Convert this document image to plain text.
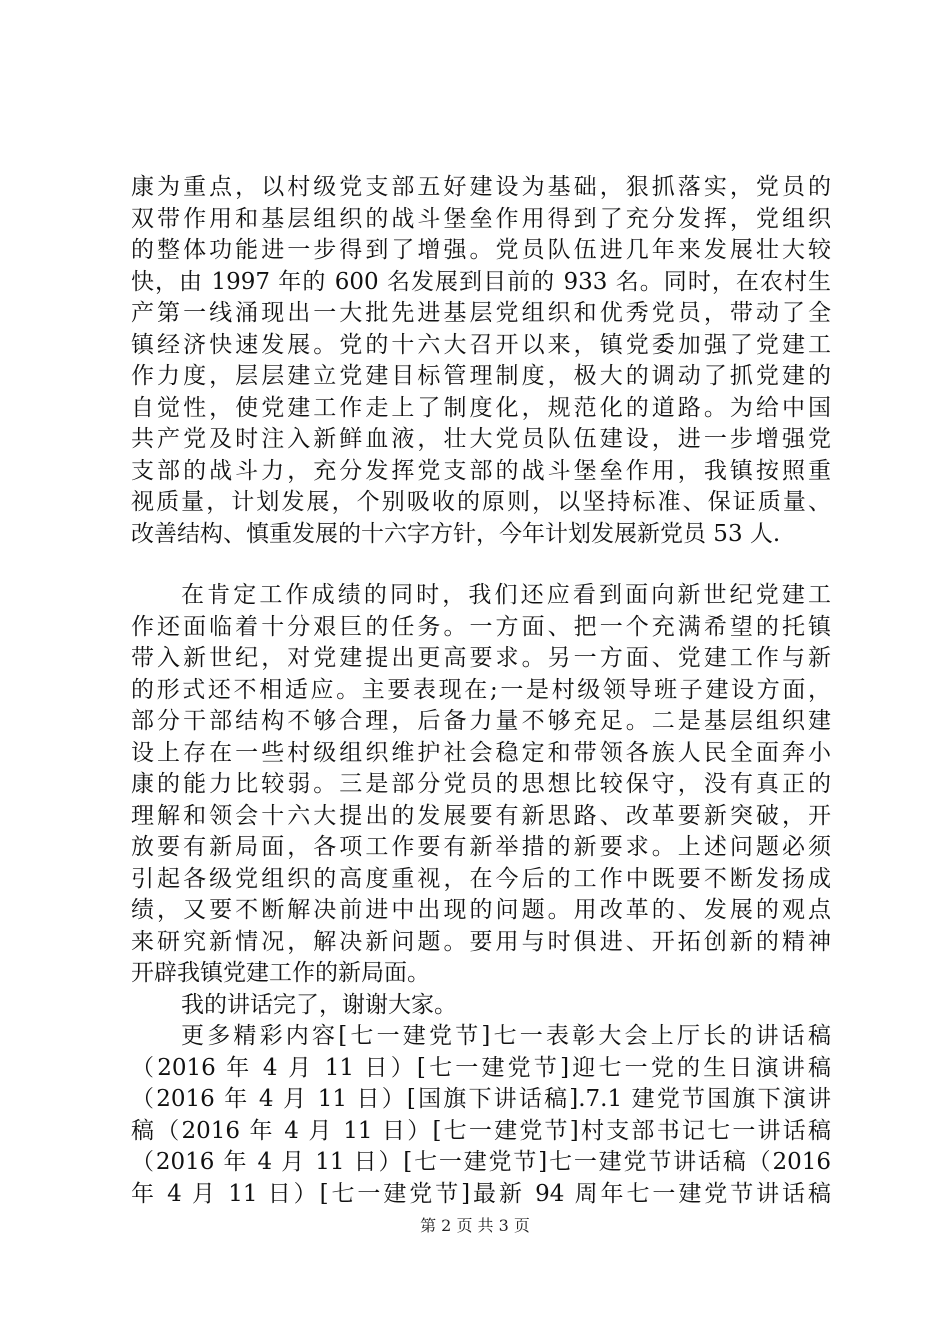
康为重点，以村级党支部五好建设为基础，狠抓落实，党员的
双带作用和基层组织的战斗堡垒作用得到了充分发挥，党组织
的整体功能进一步得到了增强。党员队伍进几年来发展壮大较
快，由 1997 年的 600 名发展到目前的 933 名。同时，在农村生
产第一线涌现出一大批先进基层党组织和优秀党员，带动了全
镇经济快速发展。党的十六大召开以来，镇党委加强了党建工
作力度，层层建立党建目标管理制度，极大的调动了抓党建的
自觉性，使党建工作走上了制度化，规范化的道路。为给中国
共产党及时注入新鲜血液，壮大党员队伍建设，进一步增强党
支部的战斗力，充分发挥党支部的战斗堡垒作用，我镇按照重
视质量，计划发展，个别吸收的原则，以坚持标准、保证质量、
改善结构、慎重发展的十六字方针，今年计划发展新党员 53 人.
在肯定工作成绩的同时，我们还应看到面向新世纪党建工
作还面临着十分艰巨的任务。一方面、把一个充满希望的托镇
带入新世纪，对党建提出更高要求。另一方面、党建工作与新
的形式还不相适应。主要表现在;一是村级领导班子建设方面，
部分干部结构不够合理，后备力量不够充足。二是基层组织建
设上存在一些村级组织维护社会稳定和带领各族人民全面奔小
康的能力比较弱。三是部分党员的思想比较保守，没有真正的
理解和领会十六大提出的发展要有新思路、改革要新突破，开
放要有新局面，各项工作要有新举措的新要求。上述问题必须
引起各级党组织的高度重视，在今后的工作中既要不断发扬成
绩，又要不断解决前进中出现的问题。用改革的、发展的观点
来研究新情况，解决新问题。要用与时俱进、开拓创新的精神
开辟我镇党建工作的新局面。
我的讲话完了，谢谢大家。
更多精彩内容[七一建党节]七一表彰大会上厅长的讲话稿
（2016 年 4 月 11 日）[七一建党节]迎七一党的生日演讲稿
（2016 年 4 月 11 日）[国旗下讲话稿].7.1 建党节国旗下演讲
稿（2016 年 4 月 11 日）[七一建党节]村支部书记七一讲话稿
（2016 年 4 月 11 日）[七一建党节]七一建党节讲话稿（2016
年 4 月 11 日）[七一建党节]最新 94 周年七一建党节讲话稿
第 2 页 共 3 页
